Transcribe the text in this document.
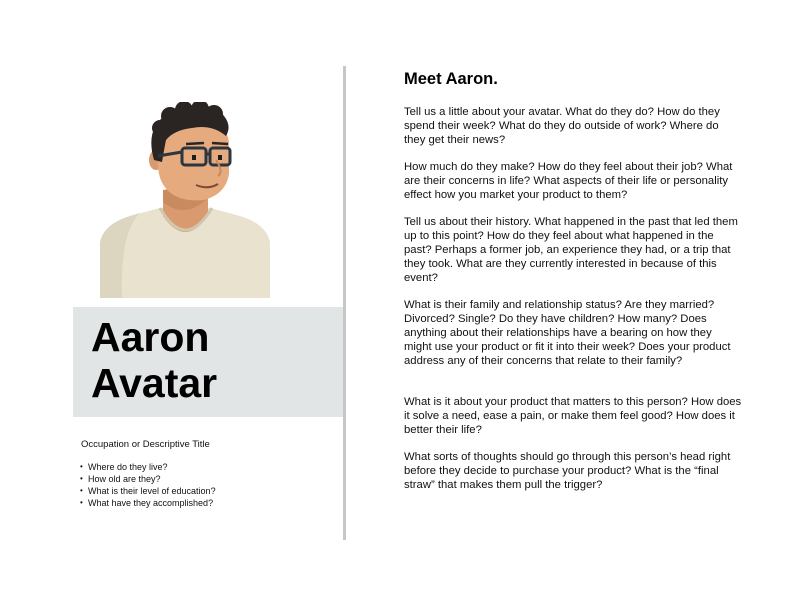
Aaron
Avatar
Occupation or Descriptive Title
• Where do they live?
• How old are they?
• What is their level of education?
• What have they accomplished?
Meet Aaron.

Tell us a little about your avatar. What do they do? How do they spend their week? What do they do outside of work? Where do they get their news?

How much do they make? How do they feel about their job? What are their concerns in life? What aspects of their life or personality effect how you market your product to them?

Tell us about their history. What happened in the past that led them up to this point? How do they feel about what happened in the past? Perhaps a former job, an experience they had, or a trip that they took. What are they currently interested in because of this event?

What is their family and relationship status? Are they married? Divorced? Single? Do they have children? How many? Does anything about their relationships have a bearing on how they might use your product or fit it into their week? Does your product address any of their concerns that relate to their family?

What is it about your product that matters to this person? How does it solve a need, ease a pain, or make them feel good? How does it better their life?

What sorts of thoughts should go through this person’s head right before they decide to purchase your product? What is the “final straw” that makes them pull the trigger?
